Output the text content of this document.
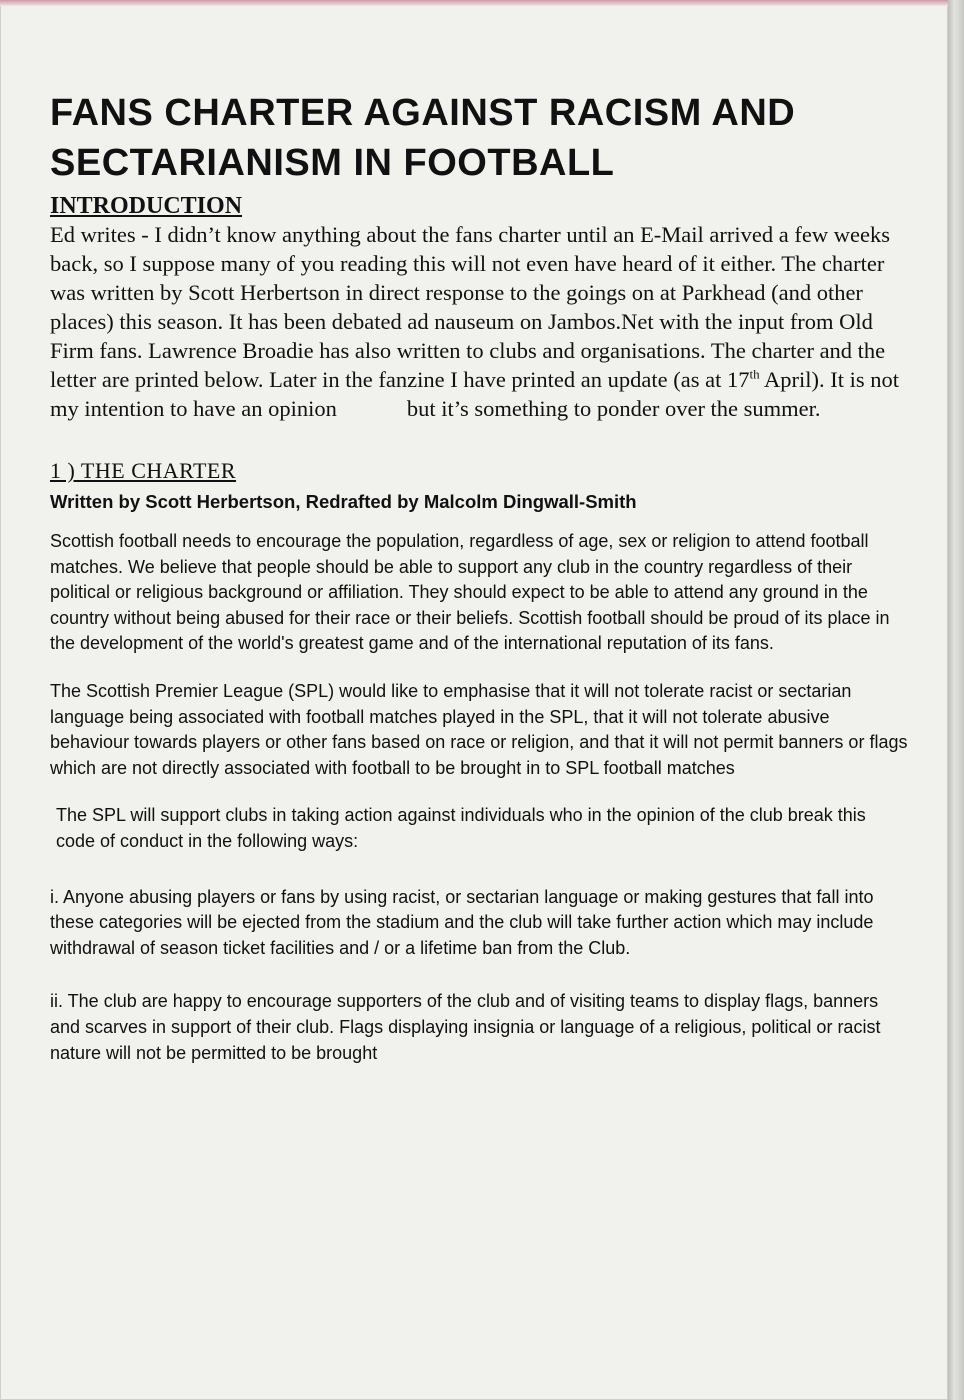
FANS CHARTER AGAINST RACISM AND SECTARIANISM IN FOOTBALL
INTRODUCTION

Ed writes - I didn’t know anything about the fans charter until an E-Mail arrived a few weeks back, so I suppose many of you reading this will not even have heard of it either. The charter was written by Scott Herbertson in direct response to the goings on at Parkhead (and other places) this season. It has been debated ad nauseum on Jambos.Net with the input from Old Firm fans. Lawrence Broadie has also written to clubs and organisations. The charter and the letter are printed below. Later in the fanzine I have printed an update (as at 17th April). It is not my intention to have an opinion	but it’s something to ponder over the summer.

1 ) THE CHARTER
Written by Scott Herbertson, Redrafted by Malcolm Dingwall-Smith

Scottish football needs to encourage the population, regardless of age, sex or religion to attend football matches. We believe that people should be able to support any club in the country regardless of their political or religious background or affiliation. They should expect to be able to attend any ground in the country without being abused for their race or their beliefs. Scottish football should be proud of its place in the development of the world's greatest game and of the international reputation of its fans.

The Scottish Premier League (SPL) would like to emphasise that it will not tolerate racist or sectarian language being associated with football matches played in the SPL, that it will not tolerate abusive behaviour towards players or other fans based on race or religion, and that it will not permit banners or flags which are not directly associated with football to be brought in to SPL football matches

The SPL will support clubs in taking action against individuals who in the opinion of the club break this code of conduct in the following ways:

i. Anyone abusing players or fans by using racist, or sectarian language or making gestures that fall into these categories will be ejected from the stadium and the club will take further action which may include withdrawal of season ticket facilities and / or a lifetime ban from the Club.

ii. The club are happy to encourage supporters of the club and of visiting teams to display flags, banners and scarves in support of their club. Flags displaying insignia or language of a religious, political or racist nature will not be permitted to be brought
